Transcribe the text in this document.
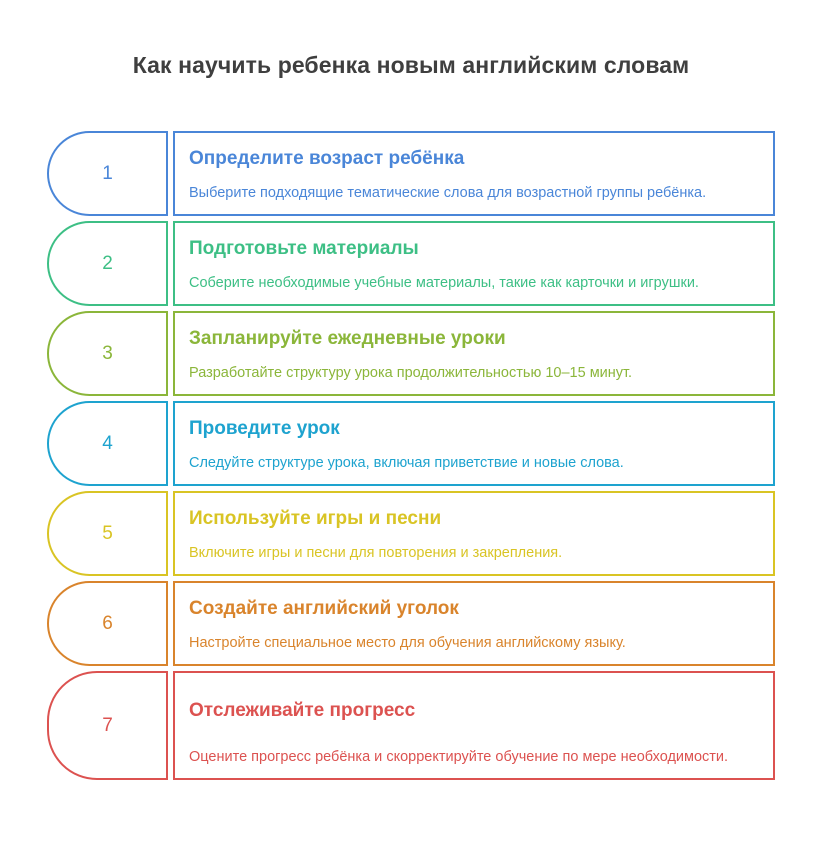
Как научить ребенка новым английским словам
1
Определите возраст ребёнка
Выберите подходящие тематические слова для возрастной группы ребёнка.
2
Подготовьте материалы
Соберите необходимые учебные материалы, такие как карточки и игрушки.
3
Запланируйте ежедневные уроки
Разработайте структуру урока продолжительностью 10–15 минут.
4
Проведите урок
Следуйте структуре урока, включая приветствие и новые слова.
5
Используйте игры и песни
Включите игры и песни для повторения и закрепления.
6
Создайте английский уголок
Настройте специальное место для обучения английскому языку.
7
Отслеживайте прогресс
Оцените прогресс ребёнка и скорректируйте обучение по мере необходимости.
